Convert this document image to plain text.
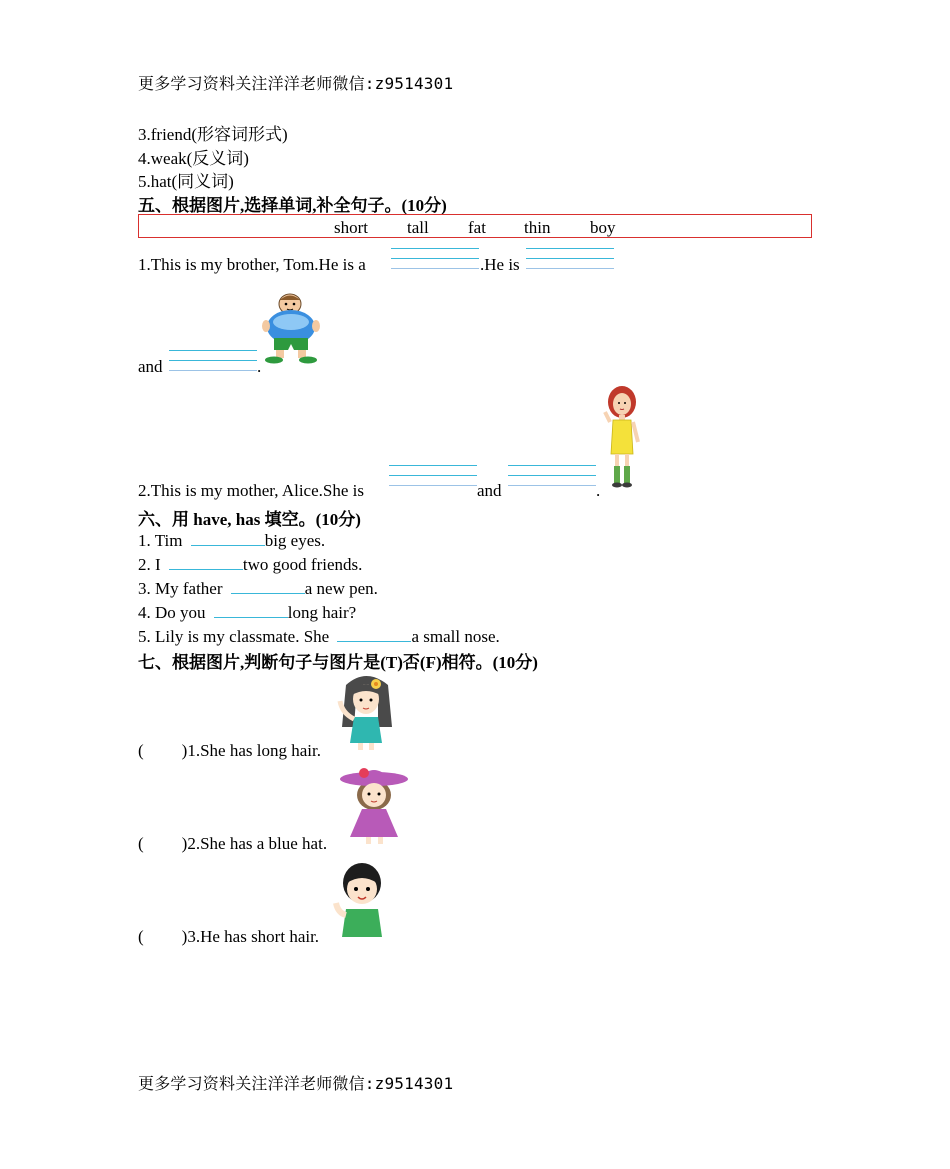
更多学习资料关注洋洋老师微信:z9514301
3.friend(形容词形式)
4.weak(反义词)
5.hat(同义词)
五、根据图片,选择单词,补全句子。(10分)
short tall fat thin boy
1.This is my brother, Tom.He is a	.He is
and	.
2.This is my mother, Alice.She is	and	.
六、用 have, has 填空。(10分)
1. Tim	big eyes.
2. I	two good friends.
3. My father	a new pen.
4. Do you	long hair?
5. Lily is my classmate. She	a small nose.
七、根据图片,判断句子与图片是(T)否(F)相符。(10分)
( )1.She has long hair.
( )2.She has a blue hat.
( )3.He has short hair.
更多学习资料关注洋洋老师微信:z9514301
